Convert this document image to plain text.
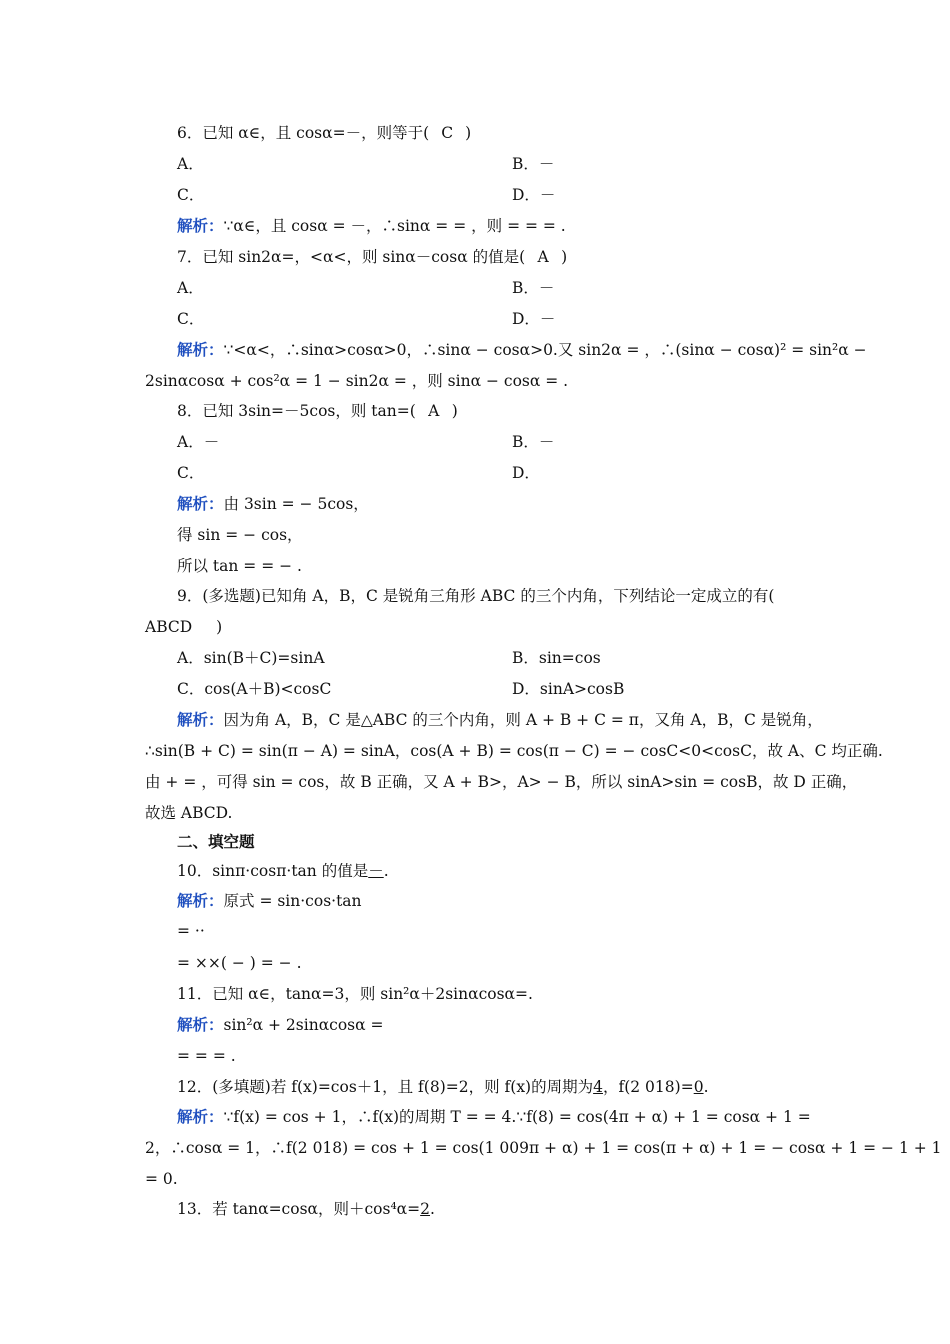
6．已知 α∈，且 cosα=－，则等于( C )
A．	B．－
C．	D．－
解析：∵α∈，且 cosα = －，∴sinα = = ，则 = = = .
7．已知 sin2α=，<α<，则 sinα－cosα 的值是( A )
A．	B．－
C．	D．－
解析：∵<α<，∴sinα>cosα>0，∴sinα − cosα>0.又 sin2α = ，∴(sinα − cosα)² = sin²α −
2sinαcosα + cos²α = 1 − sin2α = ，则 sinα − cosα = .
8．已知 3sin=－5cos，则 tan=( A )
A．－	B．－
C．	D．
解析：由 3sin = − 5cos，
得 sin = − cos，
所以 tan = = − .
9．(多选题)已知角 A，B，C 是锐角三角形 ABC 的三个内角，下列结论一定成立的有(
ABCD )
A．sin(B＋C)=sinA	B．sin=cos
C．cos(A＋B)<cosC	D．sinA>cosB
解析：因为角 A，B，C 是△ABC 的三个内角，则 A + B + C = π，又角 A，B，C 是锐角，
∴sin(B + C) = sin(π − A) = sinA，cos(A + B) = cos(π − C) = − cosC<0<cosC，故 A、C 均正确.
由 + = ，可得 sin = cos，故 B 正确，又 A + B>，A> − B，所以 sinA>sin = cosB，故 D 正确，
故选 ABCD.
二、填空题
10．sinπ·cosπ·tan 的值是－.
解析：原式 = sin·cos·tan
= ··
= ××( − ) = − .
11．已知 α∈，tanα=3，则 sin²α＋2sinαcosα=.
解析：sin²α + 2sinαcosα =
= = = .
12．(多填题)若 f(x)=cos＋1，且 f(8)=2，则 f(x)的周期为4，f(2 018)=0.
解析：∵f(x) = cos + 1，∴f(x)的周期 T = = 4.∵f(8) = cos(4π + α) + 1 = cosα + 1 =
2，∴cosα = 1，∴f(2 018) = cos + 1 = cos(1 009π + α) + 1 = cos(π + α) + 1 = − cosα + 1 = − 1 + 1
= 0.
13．若 tanα=cosα，则＋cos⁴α=2.
